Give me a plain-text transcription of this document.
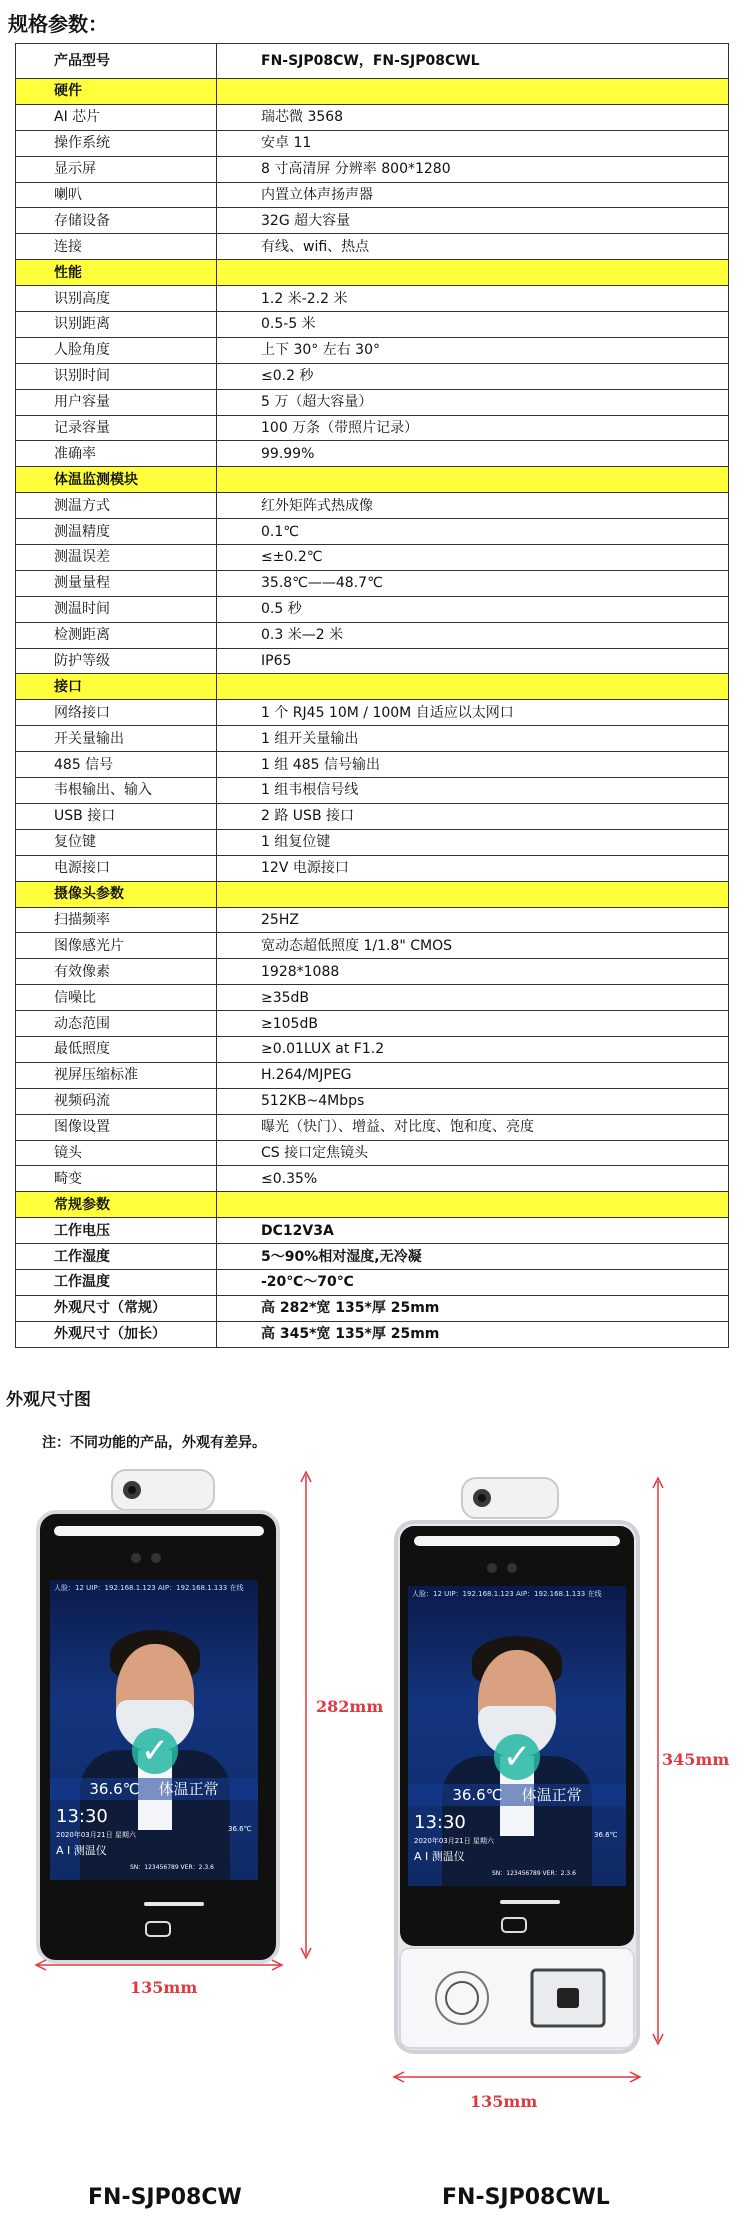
规格参数：
产品型号	FN-SJP08CW，FN-SJP08CWL
硬件	
AI 芯片	瑞芯微 3568
操作系统	安卓 11
显示屏	8 寸高清屏 分辨率 800*1280
喇叭	内置立体声扬声器
存储设备	32G 超大容量
连接	有线、wifi、热点
性能	
识别高度	1.2 米-2.2 米
识别距离	0.5-5 米
人脸角度	上下 30° 左右 30°
识别时间	≤0.2 秒
用户容量	5 万（超大容量）
记录容量	100 万条（带照片记录）
准确率	99.99%
体温监测模块	
测温方式	红外矩阵式热成像
测温精度	0.1℃
测温误差	≤±0.2℃
测量量程	35.8℃——48.7℃
测温时间	0.5 秒
检测距离	0.3 米—2 米
防护等级	IP65
接口	
网络接口	1 个 RJ45 10M / 100M 自适应以太网口
开关量输出	1 组开关量输出
485 信号	1 组 485 信号输出
韦根输出、输入	1 组韦根信号线
USB 接口	2 路 USB 接口
复位键	1 组复位键
电源接口	12V 电源接口
摄像头参数	
扫描频率	25HZ
图像感光片	宽动态超低照度 1/1.8" CMOS
有效像素	1928*1088
信噪比	≥35dB
动态范围	≥105dB
最低照度	≥0.01LUX at F1.2
视屏压缩标准	H.264/MJPEG
视频码流	512KB~4Mbps
图像设置	曝光（快门）、增益、对比度、饱和度、亮度
镜头	CS 接口定焦镜头
畸变	≤0.35%
常规参数	
工作电压	DC12V3A
工作湿度	5～90%相对湿度,无冷凝
工作温度	-20℃～70℃
外观尺寸（常规）	高 282*宽 135*厚 25mm
外观尺寸（加长）	高 345*宽 135*厚 25mm
外观尺寸图
注：不同功能的产品，外观有差异。
人脸：12 UIP：192.168.1.123 AIP：192.168.1.133 在线
✓
36.6℃ 体温正常
13:30
2020年03月21日 星期六
A I 测温仪
36.6℃
SN：123456789 VER：2.3.6
282mm
135mm
FN-SJP08CW
人脸：12 UIP：192.168.1.123 AIP：192.168.1.133 在线
✓
36.6℃ 体温正常
13:30
2020年03月21日 星期六
A I 测温仪
36.6℃
SN：123456789 VER：2.3.6
345mm
135mm
FN-SJP08CWL
